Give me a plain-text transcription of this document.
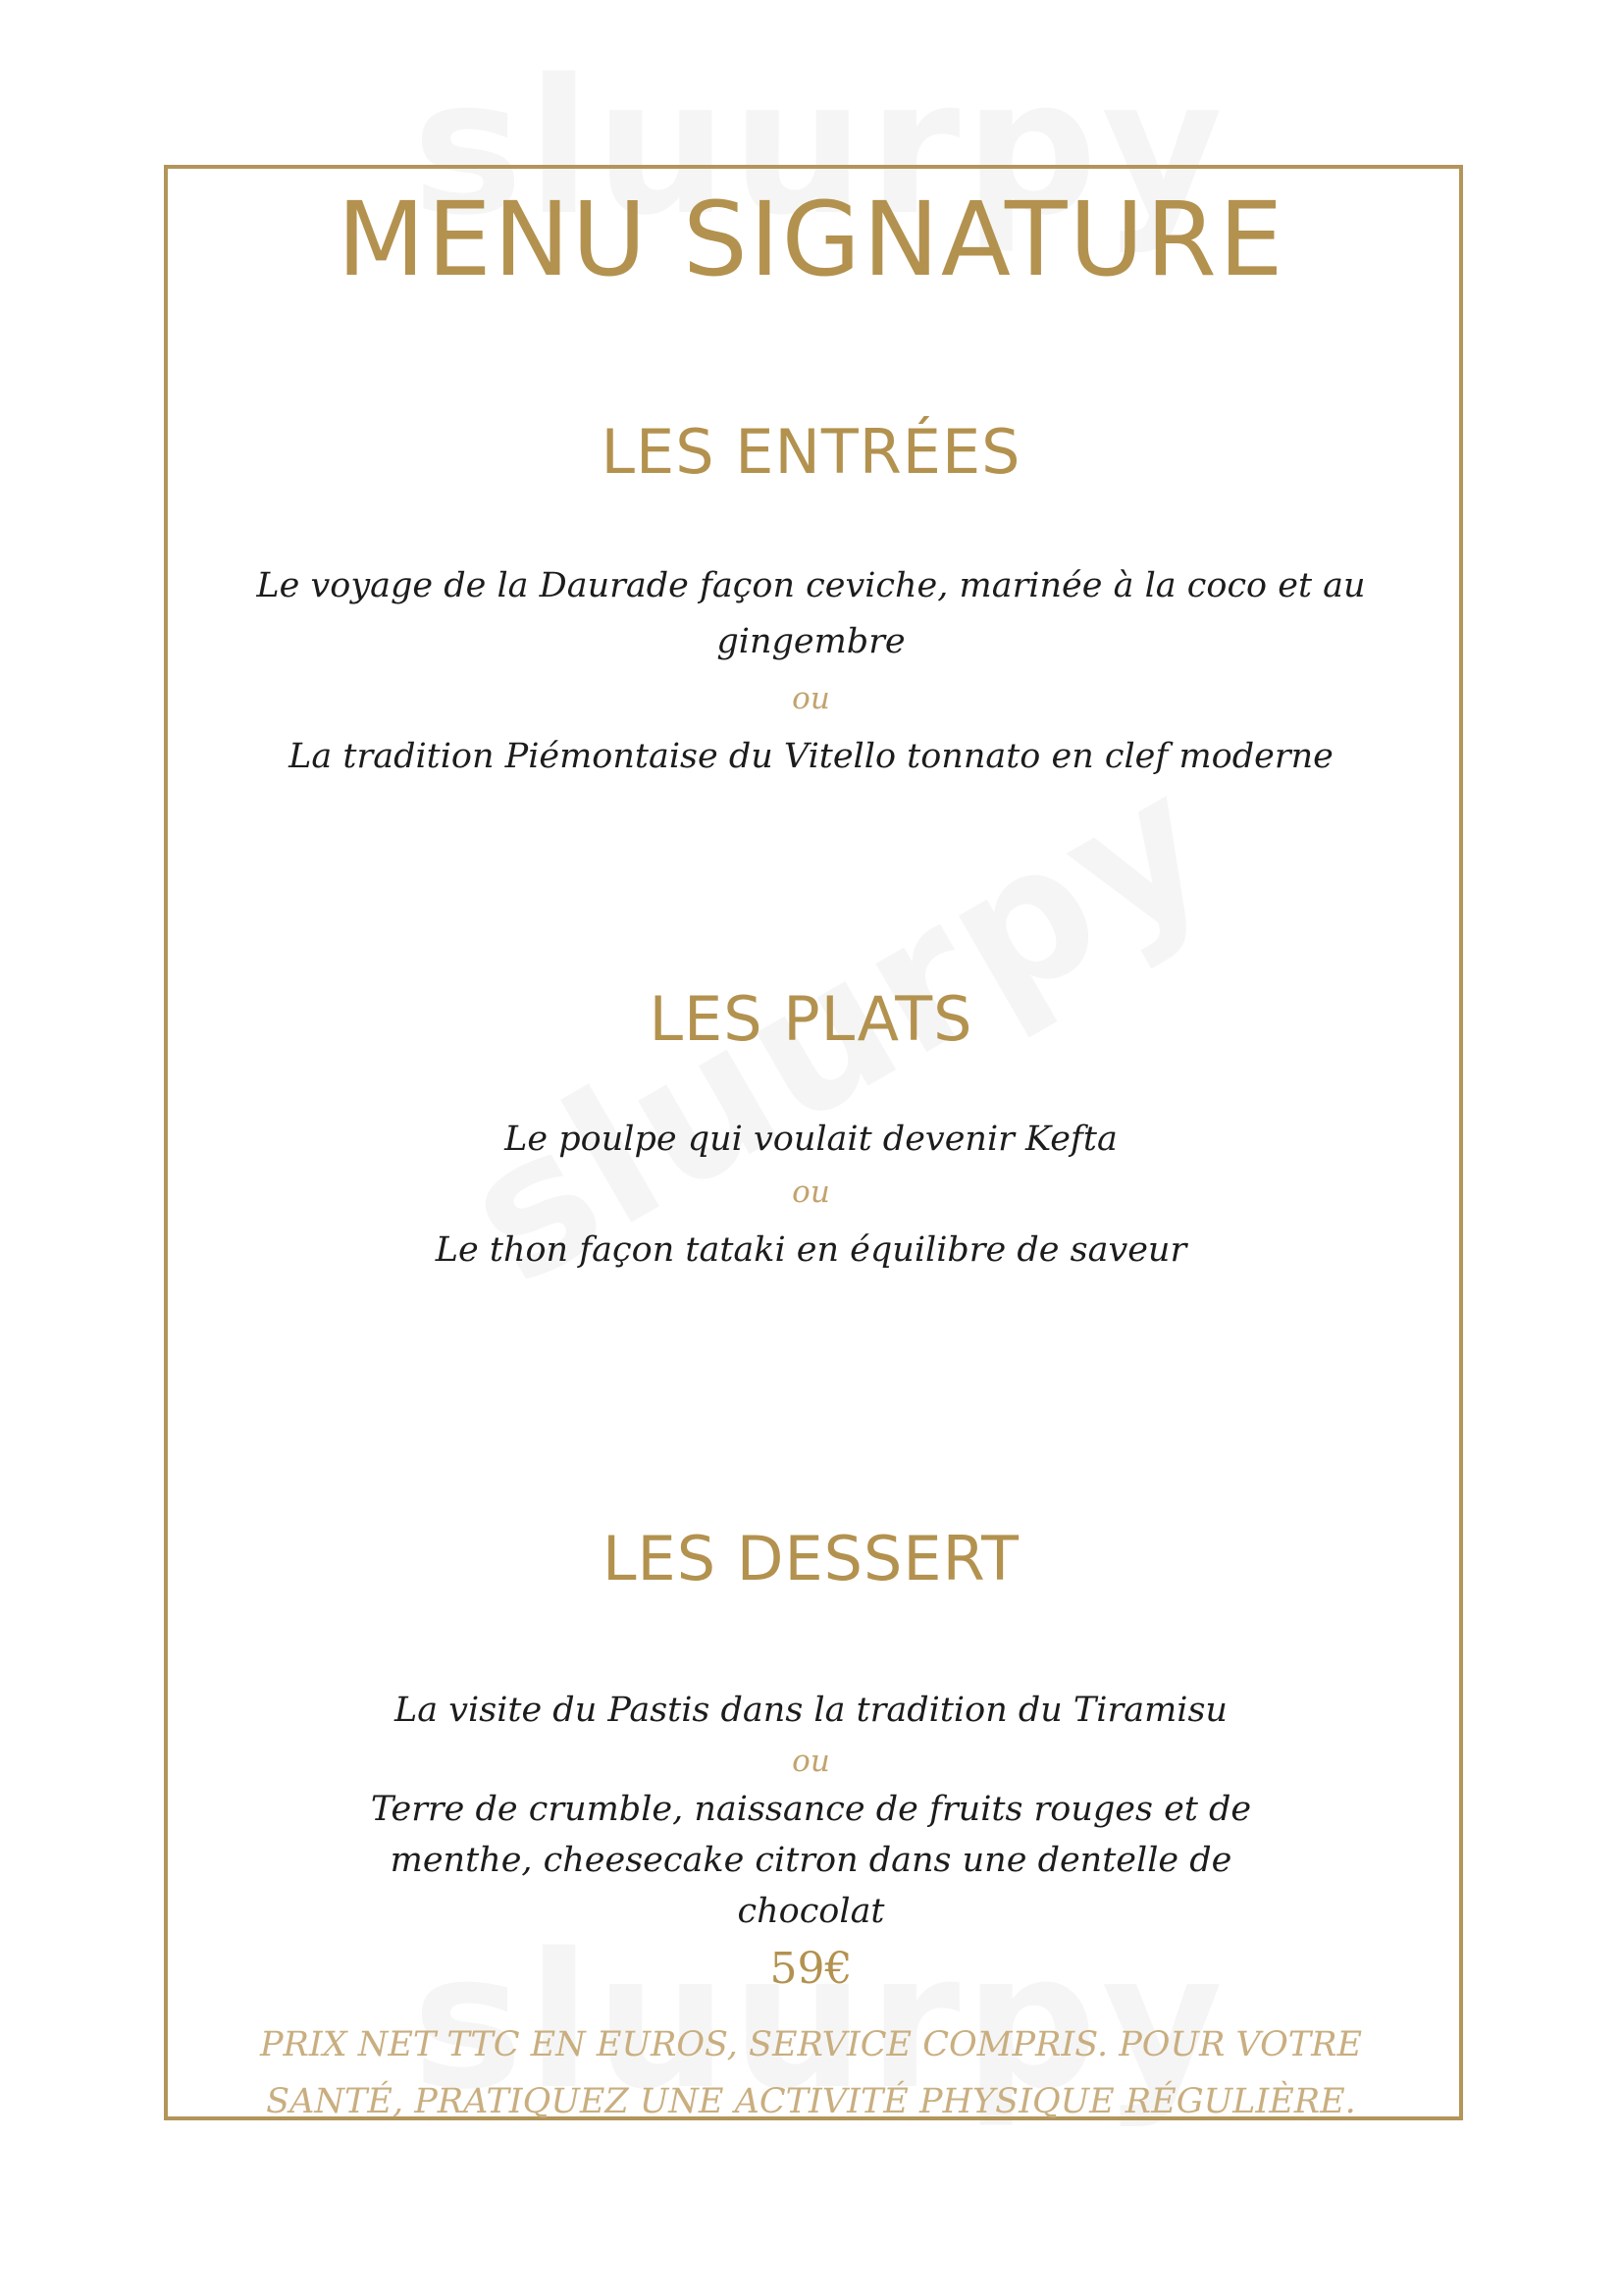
MENU SIGNATURE
LES ENTRÉES
Le voyage de la Daurade façon ceviche, marinée à la coco et au gingembre
ou
La tradition Piémontaise du Vitello tonnato en clef moderne
LES PLATS
Le poulpe qui voulait devenir Kefta
ou
Le thon façon tataki en équilibre de saveur
LES DESSERT
La visite du Pastis dans la tradition du Tiramisu
ou
Terre de crumble, naissance de fruits rouges et de menthe, cheesecake citron dans une dentelle de chocolat
59€
PRIX NET TTC EN EUROS, SERVICE COMPRIS. POUR VOTRE SANTÉ, PRATIQUEZ UNE ACTIVITÉ PHYSIQUE RÉGULIÈRE.
